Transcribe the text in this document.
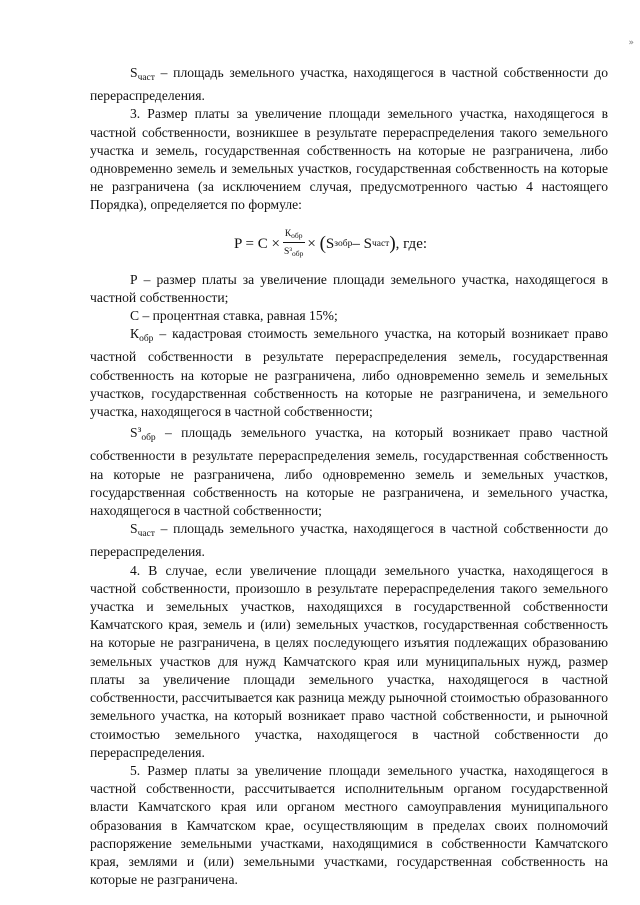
»

$S_{част}$ – площадь земельного участка, находящегося в частной собственности до перераспределения.

3. Размер платы за увеличение площади земельного участка, находящегося в частной собственности, возникшее в результате перераспределения такого земельного участка и земель, государственная собственность на которые не разграничена, либо одновременно земель и земельных участков, государственная собственность на которые не разграничена (за исключением случая, предусмотренного частью 4 настоящего Порядка), определяется по формуле:

$P = C \times \frac{К_{обр}}{S^з_{обр}}$ ×
( S з обр – S част ) , где:

Р – размер платы за увеличение площади земельного участка, находящегося в частной собственности;

С – процентная ставка, равная 15%;

$К_{обр}$ – кадастровая стоимость земельного участка, на который возникает право частной собственности в результате перераспределения земель, государственная собственность на которые не разграничена, либо одновременно земель и земельных участков, государственная собственность на которые не разграничена, и земельного участка, находящегося в частной собственности;

$S^з_{обр}$ – площадь земельного участка, на который возникает право частной собственности в результате перераспределения земель, государственная собственность на которые не разграничена, либо одновременно земель и земельных участков, государственная собственность на которые не разграничена, и земельного участка, находящегося в частной собственности;

$S_{част}$ – площадь земельного участка, находящегося в частной собственности до перераспределения.

4. В случае, если увеличение площади земельного участка, находящегося в частной собственности, произошло в результате перераспределения такого земельного участка и земельных участков, находящихся в государственной собственности Камчатского края, земель и (или) земельных участков, государственная собственность на которые не разграничена, в целях последующего изъятия подлежащих образованию земельных участков для нужд Камчатского края или муниципальных нужд, размер платы за увеличение площади земельного участка, находящегося в частной собственности, рассчитывается как разница между рыночной стоимостью образованного земельного участка, на который возникает право частной собственности, и рыночной стоимостью земельного участка, находящегося в частной собственности до перераспределения.

5. Размер платы за увеличение площади земельного участка, находящегося в частной собственности, рассчитывается исполнительным органом государственной власти Камчатского края или органом местного самоуправления муниципального образования в Камчатском крае, осуществляющим в пределах своих полномочий распоряжение земельными участками, находящимися в собственности Камчатского края, землями и (или) земельными участками, государственная собственность на которые не разграничена.
